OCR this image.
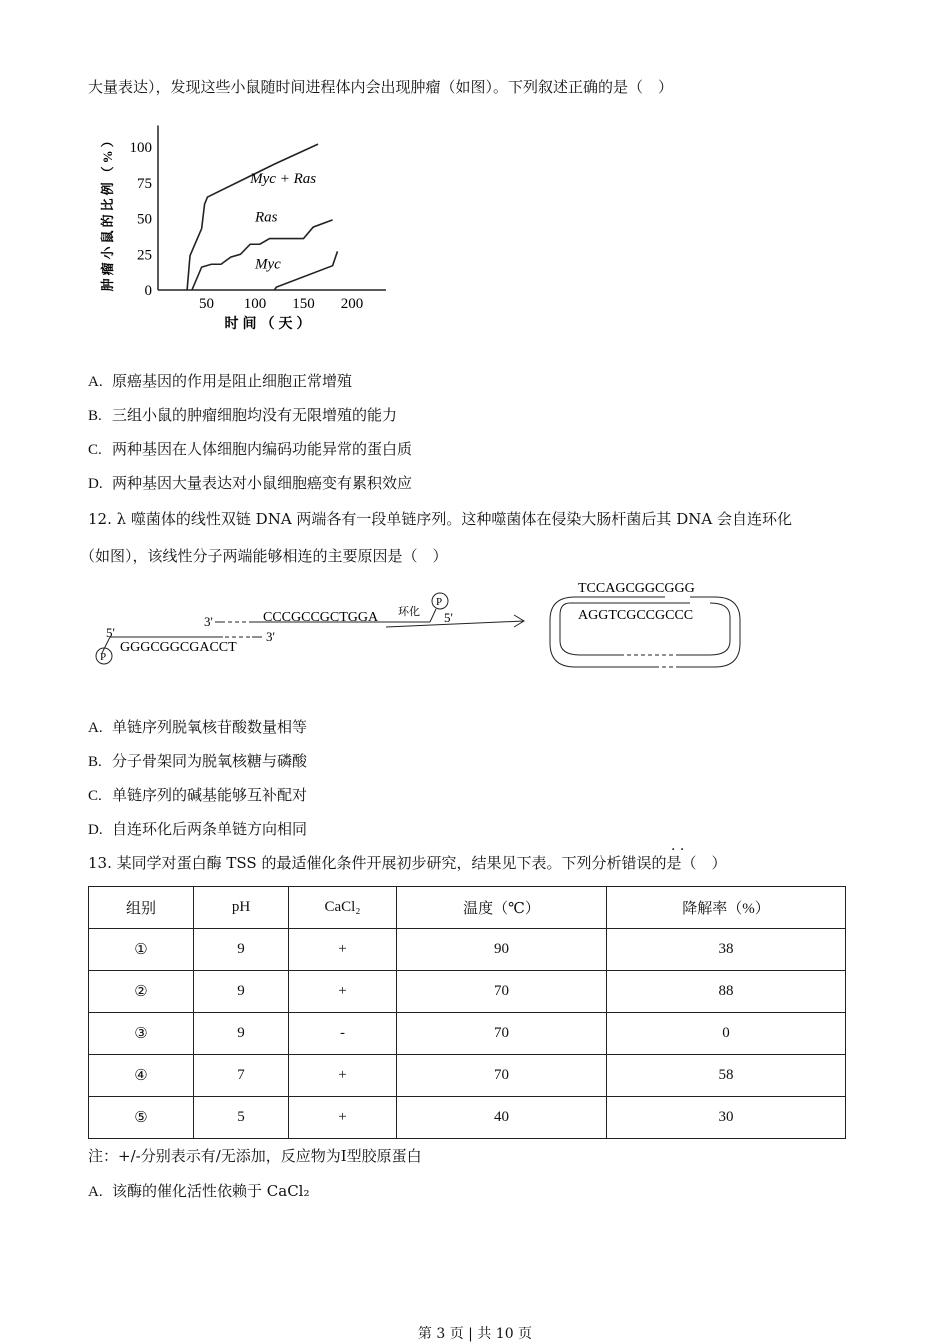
大量表达），发现这些小鼠随时间进程体内会出现肿瘤（如图）。下列叙述正确的是（　）
0
25
50
75
100
50 100 150 200
时间（天）
肿瘤小鼠的比例（%）	Myc + Ras
Ras
Myc
A. 原癌基因的作用是阻止细胞正常增殖
B. 三组小鼠的肿瘤细胞均没有无限增殖的能力
C. 两种基因在人体细胞内编码功能异常的蛋白质
D. 两种基因大量表达对小鼠细胞癌变有累积效应
12. λ 噬菌体的线性双链 DNA 两端各有一段单链序列。这种噬菌体在侵染大肠杆菌后其 DNA 会自连环化
（如图），该线性分子两端能够相连的主要原因是（　）
CCCGCCGCTGGA
3'
P
5'
5'	3'
P
GGGCGGCGACCT
环化
TCCAGCGGCGGG
AGGTCGCCGCCC
A. 单链序列脱氧核苷酸数量相等
B. 分子骨架同为脱氧核糖与磷酸
C. 单链序列的碱基能够互补配对
D. 自连环化后两条单链方向相同
· ·
13. 某同学对蛋白酶 TSS 的最适催化条件开展初步研究，结果见下表。下列分析错误的是（　）
组别	pH	CaCl₂	温度（℃）	降解率（%）
①	9	+	90	38
②	9	+	70	88
③	9	-	70	0
④	7	+	70	58
⑤	5	+	40	30
注：+/-分别表示有/无添加，反应物为Ⅰ型胶原蛋白
A. 该酶的催化活性依赖于 CaCl₂
第 3 页 | 共 10 页
